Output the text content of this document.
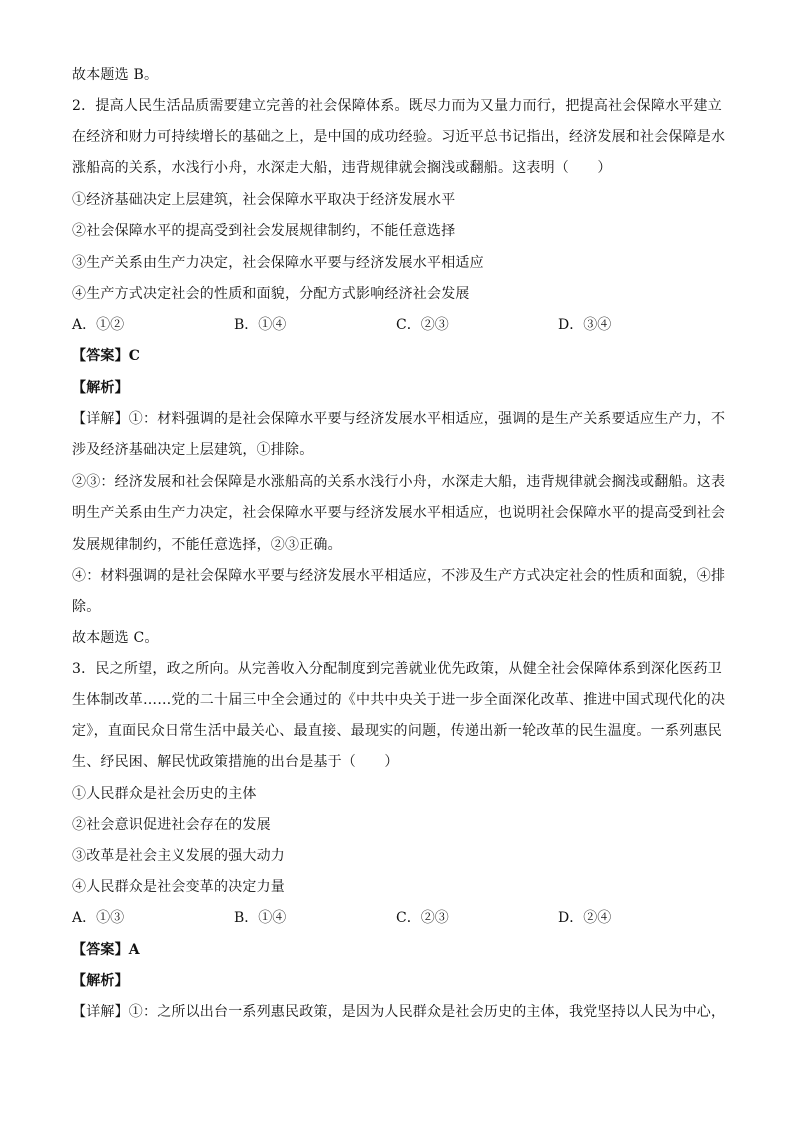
故本题选 B。
2．提高人民生活品质需要建立完善的社会保障体系。既尽力而为又量力而行，把提高社会保障水平建立
在经济和财力可持续增长的基础之上，是中国的成功经验。习近平总书记指出，经济发展和社会保障是水
涨船高的关系，水浅行小舟，水深走大船，违背规律就会搁浅或翻船。这表明（　　）
①经济基础决定上层建筑，社会保障水平取决于经济发展水平
②社会保障水平的提高受到社会发展规律制约，不能任意选择
③生产关系由生产力决定，社会保障水平要与经济发展水平相适应
④生产方式决定社会的性质和面貌，分配方式影响经济社会发展
A．①②	B．①④	C．②③	D．③④
【答案】C
【解析】
【详解】①：材料强调的是社会保障水平要与经济发展水平相适应，强调的是生产关系要适应生产力，不
涉及经济基础决定上层建筑，①排除。
②③：经济发展和社会保障是水涨船高的关系水浅行小舟，水深走大船，违背规律就会搁浅或翻船。这表
明生产关系由生产力决定，社会保障水平要与经济发展水平相适应，也说明社会保障水平的提高受到社会
发展规律制约，不能任意选择，②③正确。
④：材料强调的是社会保障水平要与经济发展水平相适应，不涉及生产方式决定社会的性质和面貌，④排
除。
故本题选 C。
3．民之所望，政之所向。从完善收入分配制度到完善就业优先政策，从健全社会保障体系到深化医药卫
生体制改革……党的二十届三中全会通过的《中共中央关于进一步全面深化改革、推进中国式现代化的决
定》，直面民众日常生活中最关心、最直接、最现实的问题，传递出新一轮改革的民生温度。一系列惠民
生、纾民困、解民忧政策措施的出台是基于（　　）
①人民群众是社会历史的主体
②社会意识促进社会存在的发展
③改革是社会主义发展的强大动力
④人民群众是社会变革的决定力量
A．①③	B．①④	C．②③	D．②④
【答案】A
【解析】
【详解】①：之所以出台一系列惠民政策，是因为人民群众是社会历史的主体，我党坚持以人民为中心，
